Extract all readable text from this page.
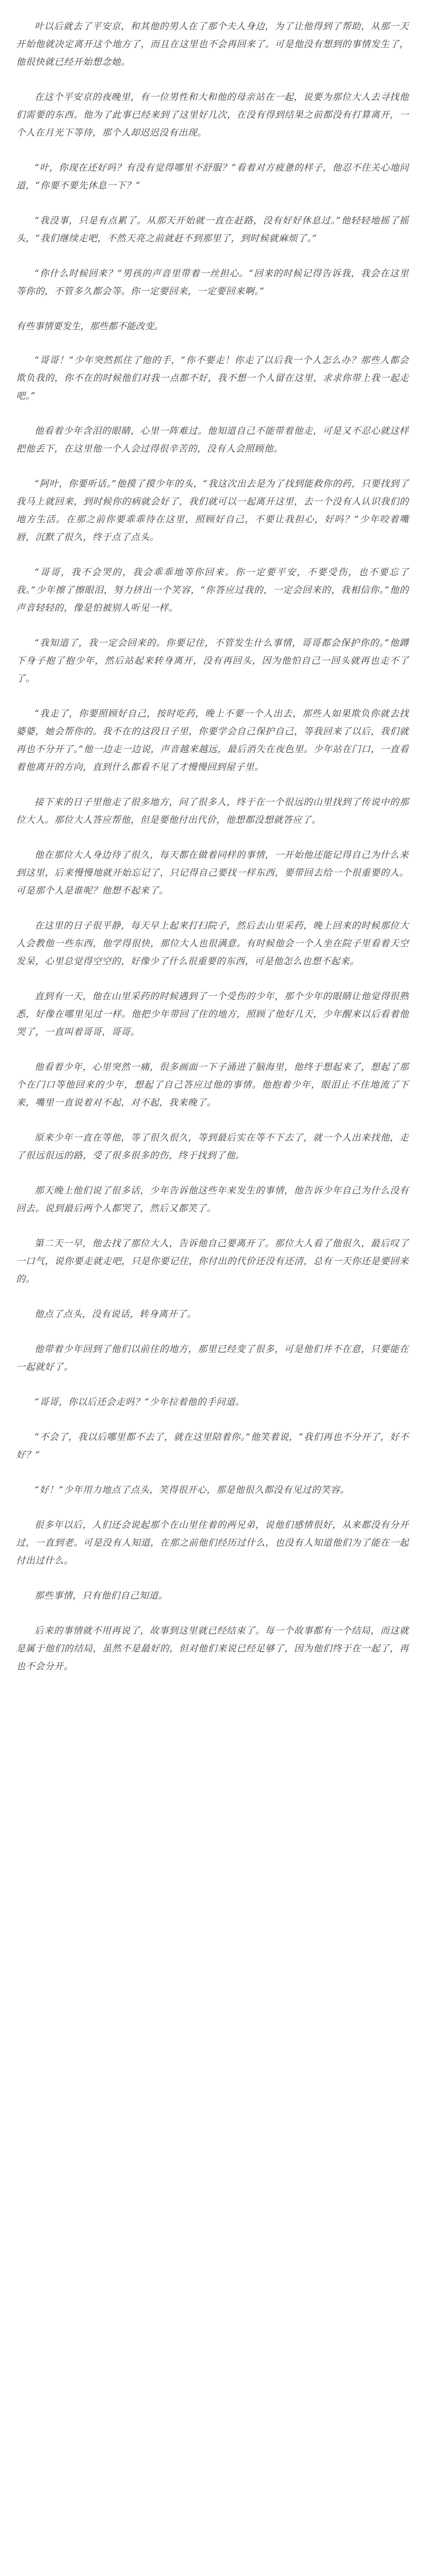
叶以后就去了平安京，和其他的男人在了那个夫人身边，为了让他得到了帮助，从那一天开始他就决定离开这个地方了，而且在这里也不会再回来了。可是他没有想到的事情发生了，他很快就已经开始想念她。

在这个平安京的夜晚里，有一位男性和大和他的母亲站在一起，说要为那位大人去寻找他们需要的东西。他为了此事已经来到了这里好几次，在没有得到结果之前都没有打算离开，一个人在月光下等待，那个人却迟迟没有出现。

“叶，你现在还好吗？有没有觉得哪里不舒服？”看着对方疲惫的样子，他忍不住关心地问道，“你要不要先休息一下？”

“我没事，只是有点累了。从那天开始就一直在赶路，没有好好休息过。”他轻轻地摇了摇头，“我们继续走吧，不然天亮之前就赶不到那里了，到时候就麻烦了。”

“你什么时候回来？”男孩的声音里带着一丝担心。“回来的时候记得告诉我，我会在这里等你的，不管多久都会等。你一定要回来，一定要回来啊。”

有些事情要发生，那些都不能改变。

“哥哥！”少年突然抓住了他的手，“你不要走！你走了以后我一个人怎么办？那些人都会欺负我的，你不在的时候他们对我一点都不好，我不想一个人留在这里，求求你带上我一起走吧。”

他看着少年含泪的眼睛，心里一阵难过。他知道自己不能带着他走，可是又不忍心就这样把他丢下，在这里他一个人会过得很辛苦的，没有人会照顾他。

“阿叶，你要听话。”他摸了摸少年的头，“我这次出去是为了找到能救你的药，只要找到了我马上就回来，到时候你的病就会好了，我们就可以一起离开这里，去一个没有人认识我们的地方生活。在那之前你要乖乖待在这里，照顾好自己，不要让我担心，好吗？”少年咬着嘴唇，沉默了很久，终于点了点头。

“哥哥，我不会哭的，我会乖乖地等你回来。你一定要平安，不要受伤，也不要忘了我。”少年擦了擦眼泪，努力挤出一个笑容，“你答应过我的，一定会回来的，我相信你。”他的声音轻轻的，像是怕被别人听见一样。

“我知道了，我一定会回来的。你要记住，不管发生什么事情，哥哥都会保护你的。”他蹲下身子抱了抱少年，然后站起来转身离开，没有再回头，因为他怕自己一回头就再也走不了了。

“我走了，你要照顾好自己，按时吃药，晚上不要一个人出去，那些人如果欺负你就去找婆婆，她会帮你的。我不在的这段日子里，你要学会自己保护自己，等我回来了以后，我们就再也不分开了。”他一边走一边说，声音越来越远，最后消失在夜色里。少年站在门口，一直看着他离开的方向，直到什么都看不见了才慢慢回到屋子里。

接下来的日子里他走了很多地方，问了很多人，终于在一个很远的山里找到了传说中的那位大人。那位大人答应帮他，但是要他付出代价，他想都没想就答应了。

他在那位大人身边待了很久，每天都在做着同样的事情，一开始他还能记得自己为什么来到这里，后来慢慢地就开始忘记了，只记得自己要找一样东西，要带回去给一个很重要的人。可是那个人是谁呢？他想不起来了。

在这里的日子很平静，每天早上起来打扫院子，然后去山里采药，晚上回来的时候那位大人会教他一些东西，他学得很快，那位大人也很满意。有时候他会一个人坐在院子里看着天空发呆，心里总觉得空空的，好像少了什么很重要的东西，可是他怎么也想不起来。

直到有一天，他在山里采药的时候遇到了一个受伤的少年，那个少年的眼睛让他觉得很熟悉，好像在哪里见过一样。他把少年带回了住的地方，照顾了他好几天，少年醒来以后看着他哭了，一直叫着哥哥，哥哥。

他看着少年，心里突然一痛，很多画面一下子涌进了脑海里，他终于想起来了，想起了那个在门口等他回来的少年，想起了自己答应过他的事情。他抱着少年，眼泪止不住地流了下来，嘴里一直说着对不起，对不起，我来晚了。

原来少年一直在等他，等了很久很久，等到最后实在等不下去了，就一个人出来找他，走了很远很远的路，受了很多很多的伤，终于找到了他。

那天晚上他们说了很多话，少年告诉他这些年来发生的事情，他告诉少年自己为什么没有回去。说到最后两个人都哭了，然后又都笑了。

第二天一早，他去找了那位大人，告诉他自己要离开了。那位大人看了他很久，最后叹了一口气，说你要走就走吧，只是你要记住，你付出的代价还没有还清，总有一天你还是要回来的。

他点了点头，没有说话，转身离开了。

他带着少年回到了他们以前住的地方，那里已经变了很多，可是他们并不在意，只要能在一起就好了。

“哥哥，你以后还会走吗？”少年拉着他的手问道。

“不会了，我以后哪里都不去了，就在这里陪着你。”他笑着说，“我们再也不分开了，好不好？”

“好！”少年用力地点了点头，笑得很开心，那是他很久都没有见过的笑容。

很多年以后，人们还会说起那个在山里住着的两兄弟，说他们感情很好，从来都没有分开过，一直到老。可是没有人知道，在那之前他们经历过什么，也没有人知道他们为了能在一起付出过什么。

那些事情，只有他们自己知道。

后来的事情就不用再说了，故事到这里就已经结束了。每一个故事都有一个结局，而这就是属于他们的结局，虽然不是最好的，但对他们来说已经足够了，因为他们终于在一起了，再也不会分开。
